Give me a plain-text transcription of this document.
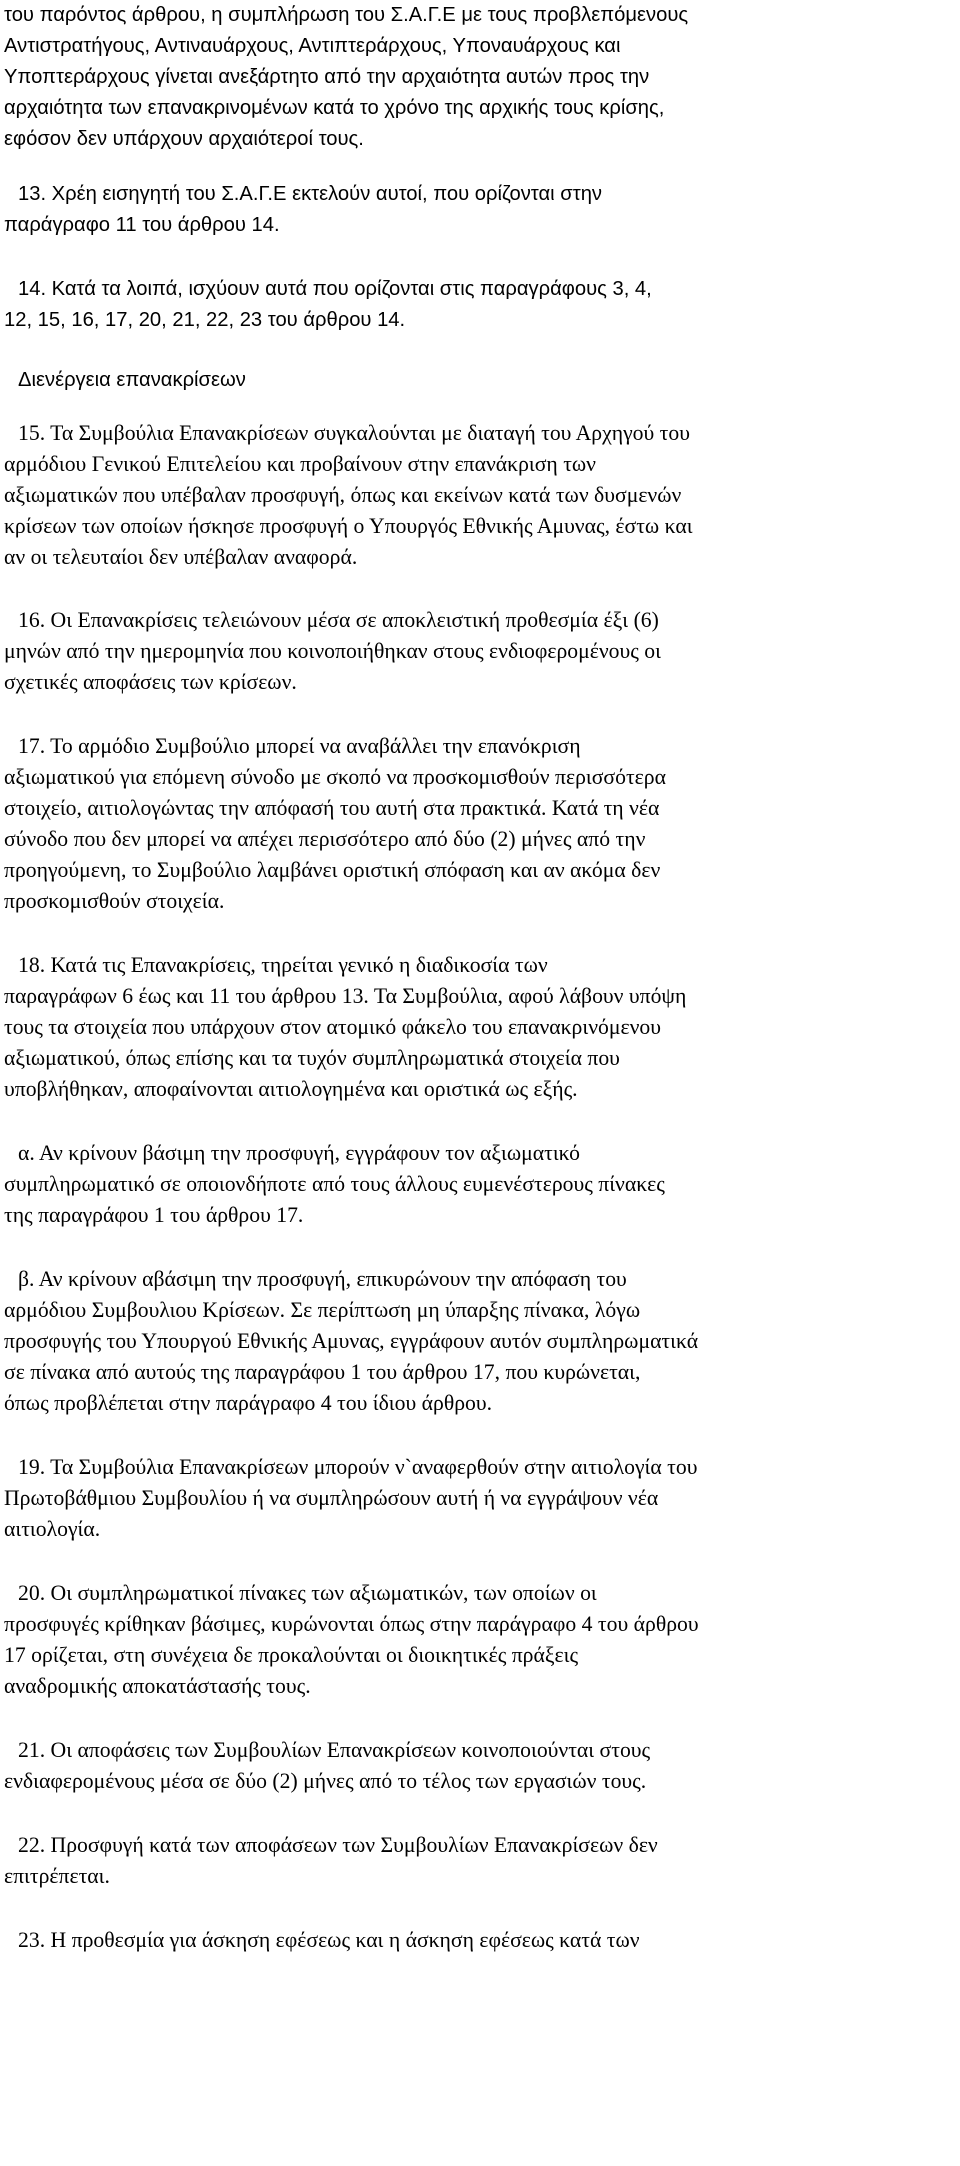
του παρόντος άρθρου, η συμπλήρωση του Σ.Α.Γ.Ε με τους προβλεπόμενους
Αντιστρατήγους, Αντιναυάρχους, Αντιπτεράρχους, Υποναυάρχους και
Υποπτεράρχους γίνεται ανεξάρτητο από την αρχαιότητα αυτών προς την
αρχαιότητα των επανακρινομένων κατά το χρόνο της αρχικής τους κρίσης,
εφόσον δεν υπάρχουν αρχαιότεροί τους.
13. Χρέη εισηγητή του Σ.Α.Γ.Ε εκτελούν αυτοί, που ορίζονται στην
παράγραφο 11 του άρθρου 14.
14. Κατά τα λοιπά, ισχύουν αυτά που ορίζονται στις παραγράφους 3, 4,
12, 15, 16, 17, 20, 21, 22, 23 του άρθρου 14.
Διενέργεια επανακρίσεων
15. Τα Συμβούλια Επανακρίσεων συγκαλούνται με διαταγή του Αρχηγού του
αρμόδιου Γενικού Επιτελείου και προβαίνουν στην επανάκριση των
αξιωματικών που υπέβαλαν προσφυγή, όπως και εκείνων κατά των δυσμενών
κρίσεων των οποίων ήσκησε προσφυγή ο Υπουργός Εθνικής Αμυνας, έστω και
αν οι τελευταίοι δεν υπέβαλαν αναφορά.
16. Οι Επανακρίσεις τελειώνουν μέσα σε αποκλειστική προθεσμία έξι (6)
μηνών από την ημερομηνία που κοινοποιήθηκαν στους ενδιοφερομένους οι
σχετικές αποφάσεις των κρίσεων.
17. Το αρμόδιο Συμβούλιο μπορεί να αναβάλλει την επανόκριση
αξιωματικού για επόμενη σύνοδο με σκοπό να προσκομισθούν περισσότερα
στοιχείο, αιτιολογώντας την απόφασή του αυτή στα πρακτικά. Κατά τη νέα
σύνοδο που δεν μπορεί να απέχει περισσότερο από δύο (2) μήνες από την
προηγούμενη, το Συμβούλιο λαμβάνει οριστική σπόφαση και αν ακόμα δεν
προσκομισθούν στοιχεία.
18. Κατά τις Επανακρίσεις, τηρείται γενικό η διαδικοσία των
παραγράφων 6 έως και 11 του άρθρου 13. Τα Συμβούλια, αφού λάβουν υπόψη
τους τα στοιχεία που υπάρχουν στον ατομικό φάκελο του επανακρινόμενου
αξιωματικού, όπως επίσης και τα τυχόν συμπληρωματικά στοιχεία που
υποβλήθηκαν, αποφαίνονται αιτιολογημένα και οριστικά ως εξής.
α. Αν κρίνουν βάσιμη την προσφυγή, εγγράφουν τον αξιωματικό
συμπληρωματικό σε οποιονδήποτε από τους άλλους ευμενέστερους πίνακες
της παραγράφου 1 του άρθρου 17.
β. Αν κρίνουν αβάσιμη την προσφυγή, επικυρώνουν την απόφαση του
αρμόδιου Συμβουλιου Κρίσεων. Σε περίπτωση μη ύπαρξης πίνακα, λόγω
προσφυγής του Υπουργού Εθνικής Αμυνας, εγγράφουν αυτόν συμπληρωματικά
σε πίνακα από αυτούς της παραγράφου 1 του άρθρου 17, που κυρώνεται,
όπως προβλέπεται στην παράγραφο 4 του ίδιου άρθρου.
19. Τα Συμβούλια Επανακρίσεων μπορούν ν`αναφερθούν στην αιτιολογία του
Πρωτοβάθμιου Συμβουλίου ή να συμπληρώσουν αυτή ή να εγγράψουν νέα
αιτιολογία.
20. Οι συμπληρωματικοί πίνακες των αξιωματικών, των οποίων οι
προσφυγές κρίθηκαν βάσιμες, κυρώνονται όπως στην παράγραφο 4 του άρθρου
17 ορίζεται, στη συνέχεια δε προκαλούνται οι διοικητικές πράξεις
αναδρομικής αποκατάστασής τους.
21. Οι αποφάσεις των Συμβουλίων Επανακρίσεων κοινοποιούνται στους
ενδιαφερομένους μέσα σε δύο (2) μήνες από το τέλος των εργασιών τους.
22. Προσφυγή κατά των αποφάσεων των Συμβουλίων Επανακρίσεων δεν
επιτρέπεται.
23. Η προθεσμία για άσκηση εφέσεως και η άσκηση εφέσεως κατά των
